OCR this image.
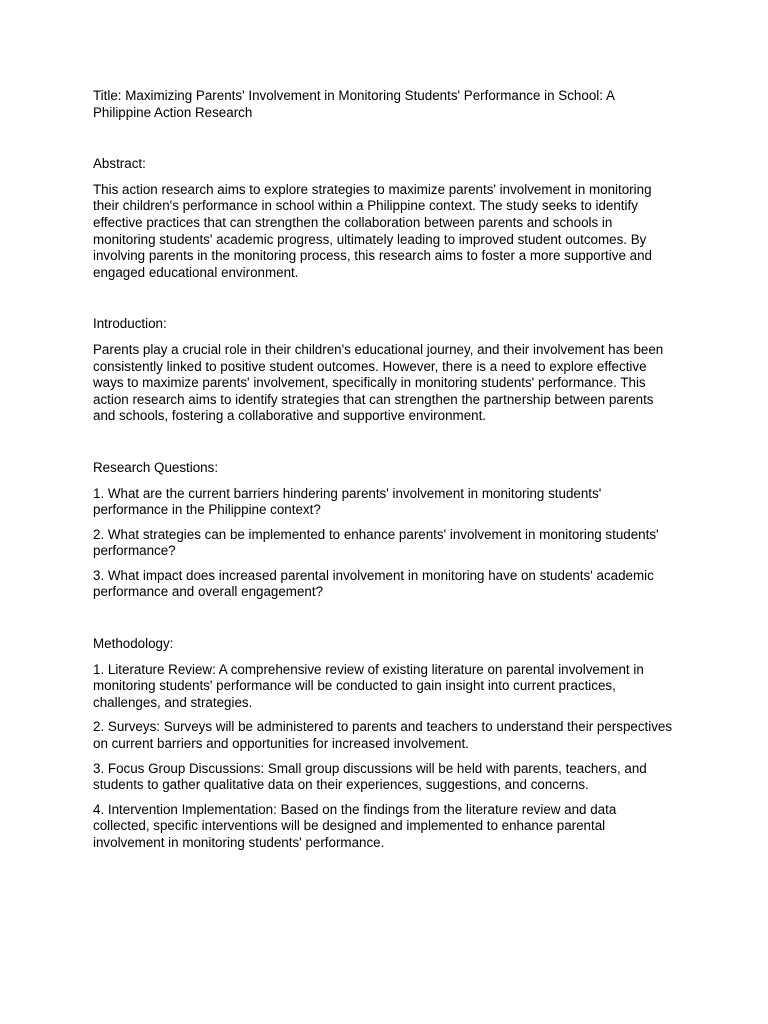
Title: Maximizing Parents' Involvement in Monitoring Students' Performance in School: A Philippine Action Research
Abstract:

This action research aims to explore strategies to maximize parents' involvement in monitoring their children's performance in school within a Philippine context. The study seeks to identify effective practices that can strengthen the collaboration between parents and schools in monitoring students' academic progress, ultimately leading to improved student outcomes. By involving parents in the monitoring process, this research aims to foster a more supportive and engaged educational environment.

Introduction:

Parents play a crucial role in their children's educational journey, and their involvement has been consistently linked to positive student outcomes. However, there is a need to explore effective ways to maximize parents' involvement, specifically in monitoring students' performance. This action research aims to identify strategies that can strengthen the partnership between parents and schools, fostering a collaborative and supportive environment.

Research Questions:

1. What are the current barriers hindering parents' involvement in monitoring students' performance in the Philippine context?

2. What strategies can be implemented to enhance parents' involvement in monitoring students' performance?

3. What impact does increased parental involvement in monitoring have on students' academic performance and overall engagement?

Methodology:

1. Literature Review: A comprehensive review of existing literature on parental involvement in monitoring students' performance will be conducted to gain insight into current practices, challenges, and strategies.

2. Surveys: Surveys will be administered to parents and teachers to understand their perspectives on current barriers and opportunities for increased involvement.

3. Focus Group Discussions: Small group discussions will be held with parents, teachers, and students to gather qualitative data on their experiences, suggestions, and concerns.

4. Intervention Implementation: Based on the findings from the literature review and data collected, specific interventions will be designed and implemented to enhance parental involvement in monitoring students' performance.
